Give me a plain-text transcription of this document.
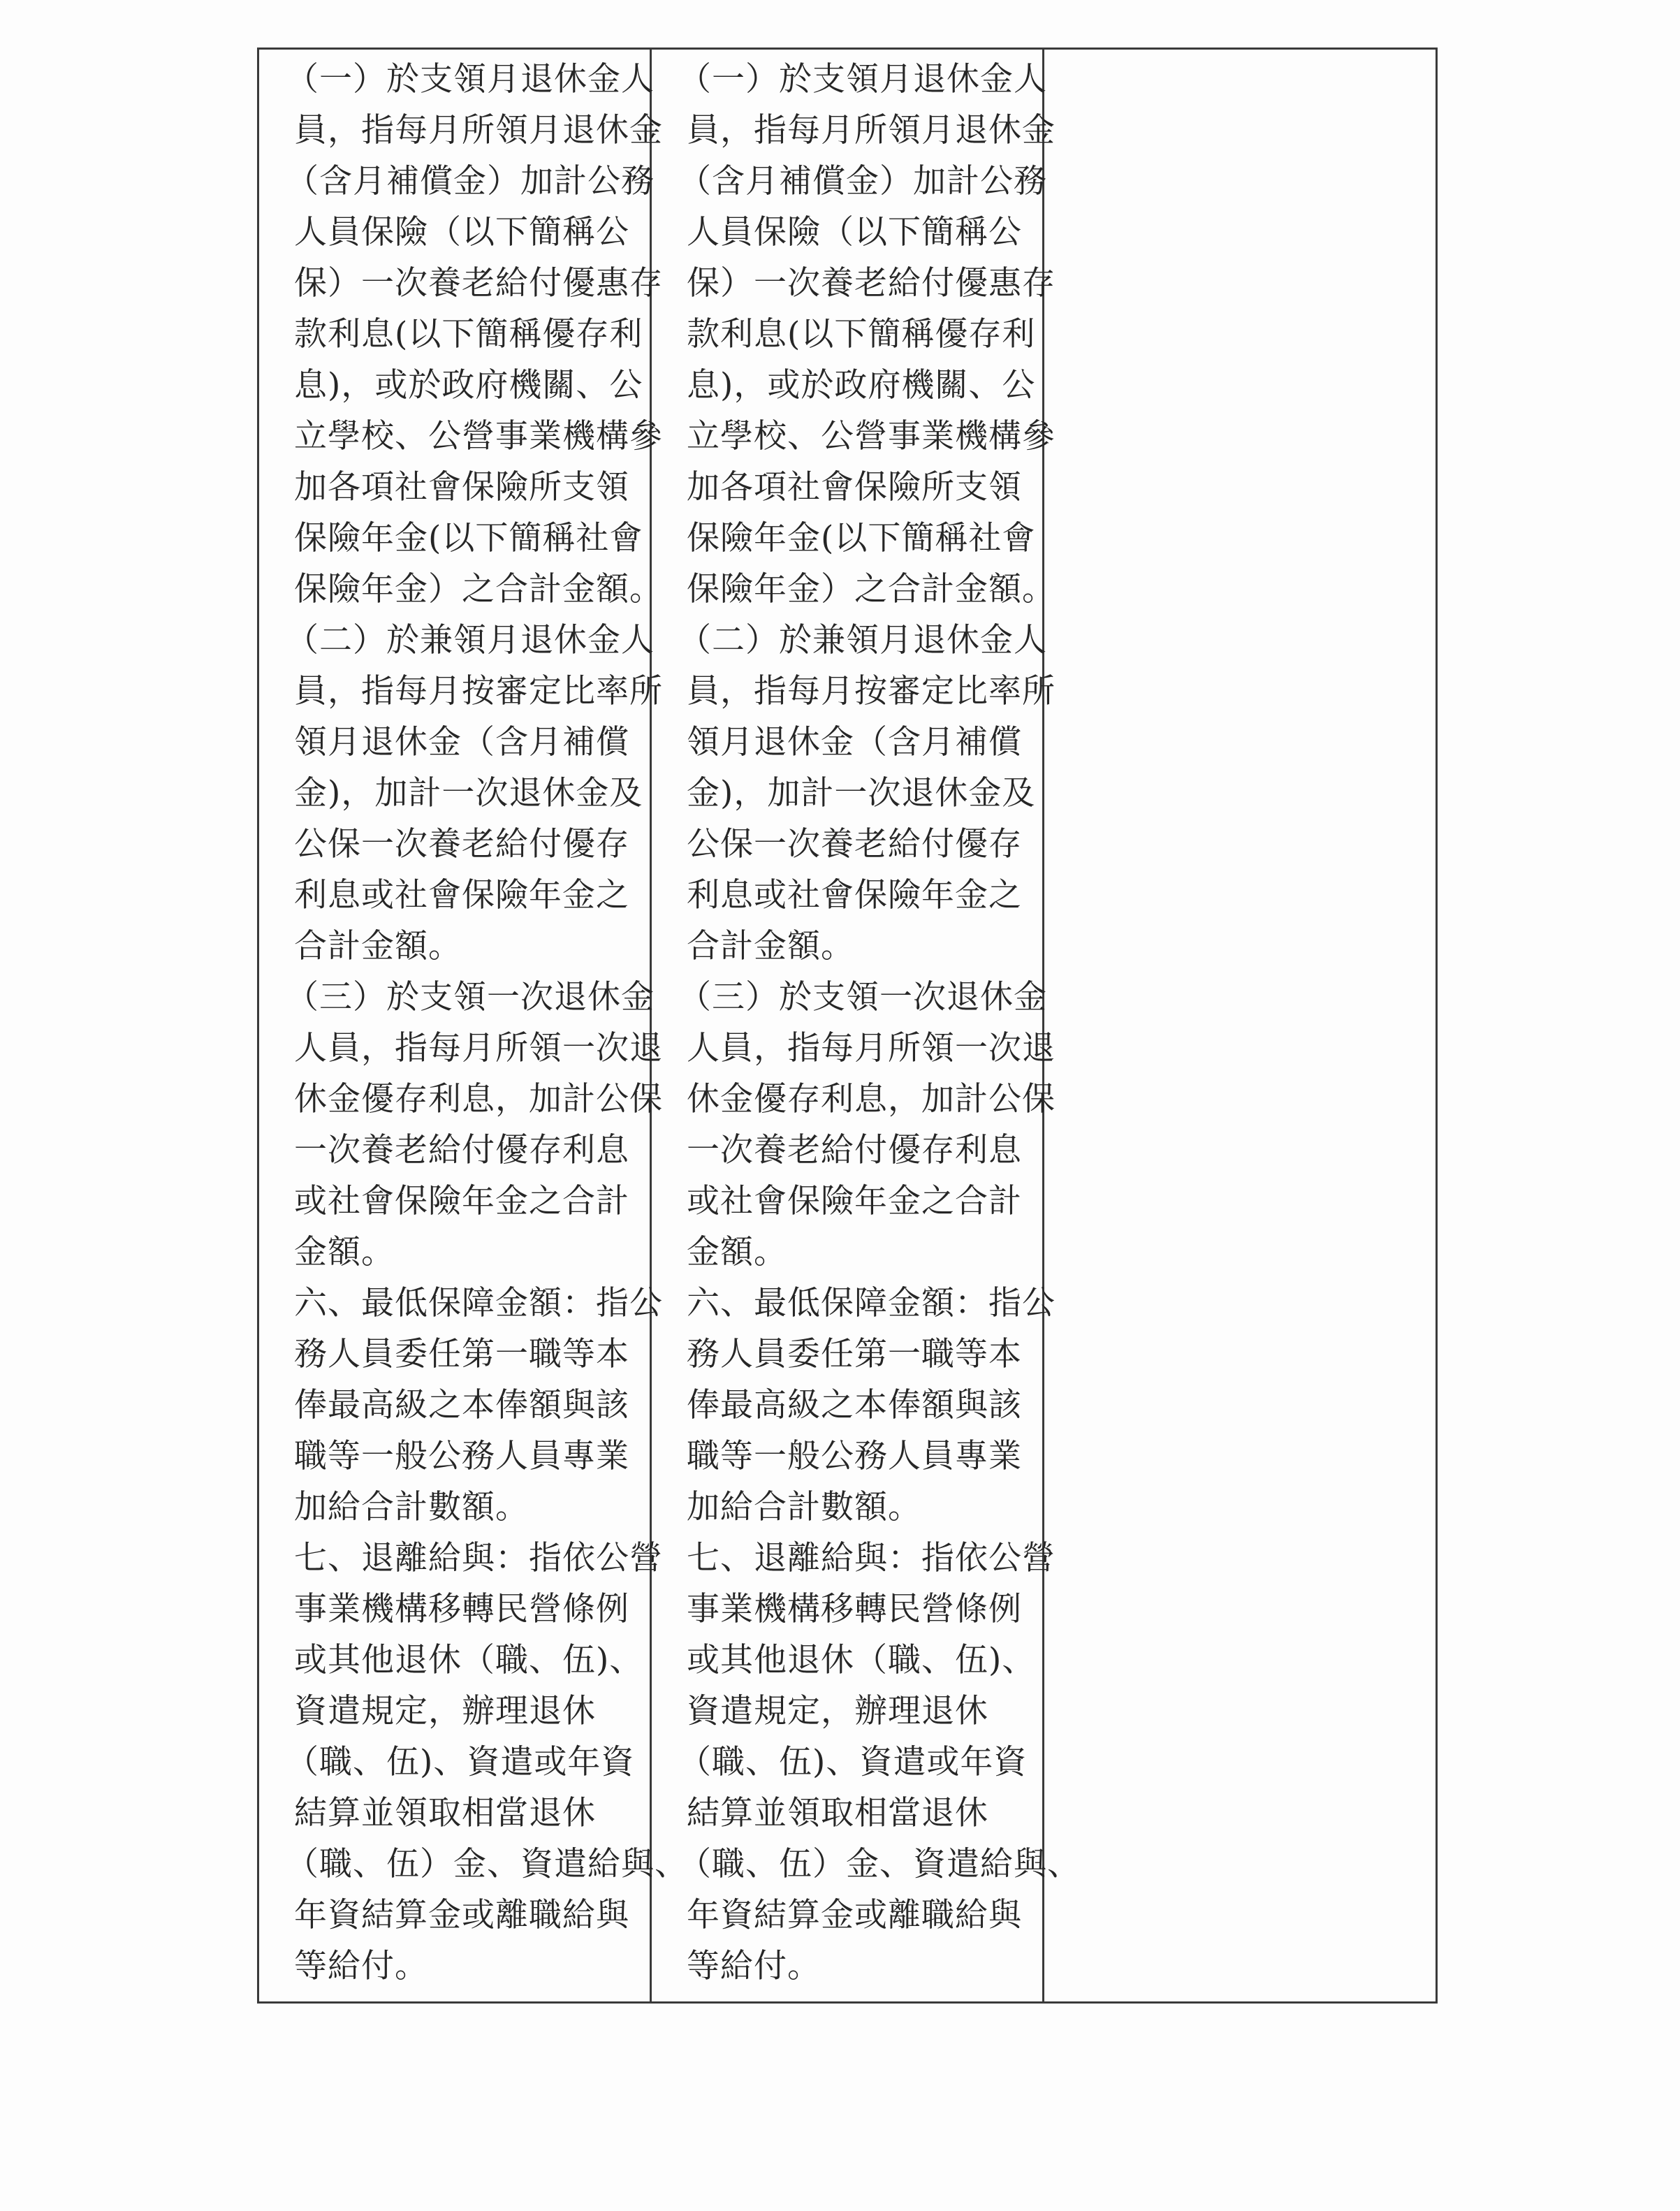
（一）於支領月退休金人
員，指每月所領月退休金
（含月補償金）加計公務
人員保險（以下簡稱公
保）一次養老給付優惠存
款利息(以下簡稱優存利
息)，或於政府機關、公
立學校、公營事業機構參
加各項社會保險所支領
保險年金(以下簡稱社會
保險年金）之合計金額。
（二）於兼領月退休金人
員，指每月按審定比率所
領月退休金（含月補償
金)，加計一次退休金及
公保一次養老給付優存
利息或社會保險年金之
合計金額。
（三）於支領一次退休金
人員，指每月所領一次退
休金優存利息，加計公保
一次養老給付優存利息
或社會保險年金之合計
金額。
六、最低保障金額：指公
務人員委任第一職等本
俸最高級之本俸額與該
職等一般公務人員專業
加給合計數額。
七、退離給與：指依公營
事業機構移轉民營條例
或其他退休（職、伍)、
資遣規定，辦理退休
（職、伍)、資遣或年資
結算並領取相當退休
（職、伍）金、資遣給與、
年資結算金或離職給與
等給付。
（一）於支領月退休金人
員，指每月所領月退休金
（含月補償金）加計公務
人員保險（以下簡稱公
保）一次養老給付優惠存
款利息(以下簡稱優存利
息)，或於政府機關、公
立學校、公營事業機構參
加各項社會保險所支領
保險年金(以下簡稱社會
保險年金）之合計金額。
（二）於兼領月退休金人
員，指每月按審定比率所
領月退休金（含月補償
金)，加計一次退休金及
公保一次養老給付優存
利息或社會保險年金之
合計金額。
（三）於支領一次退休金
人員，指每月所領一次退
休金優存利息，加計公保
一次養老給付優存利息
或社會保險年金之合計
金額。
六、最低保障金額：指公
務人員委任第一職等本
俸最高級之本俸額與該
職等一般公務人員專業
加給合計數額。
七、退離給與：指依公營
事業機構移轉民營條例
或其他退休（職、伍)、
資遣規定，辦理退休
（職、伍)、資遣或年資
結算並領取相當退休
（職、伍）金、資遣給與、
年資結算金或離職給與
等給付。
